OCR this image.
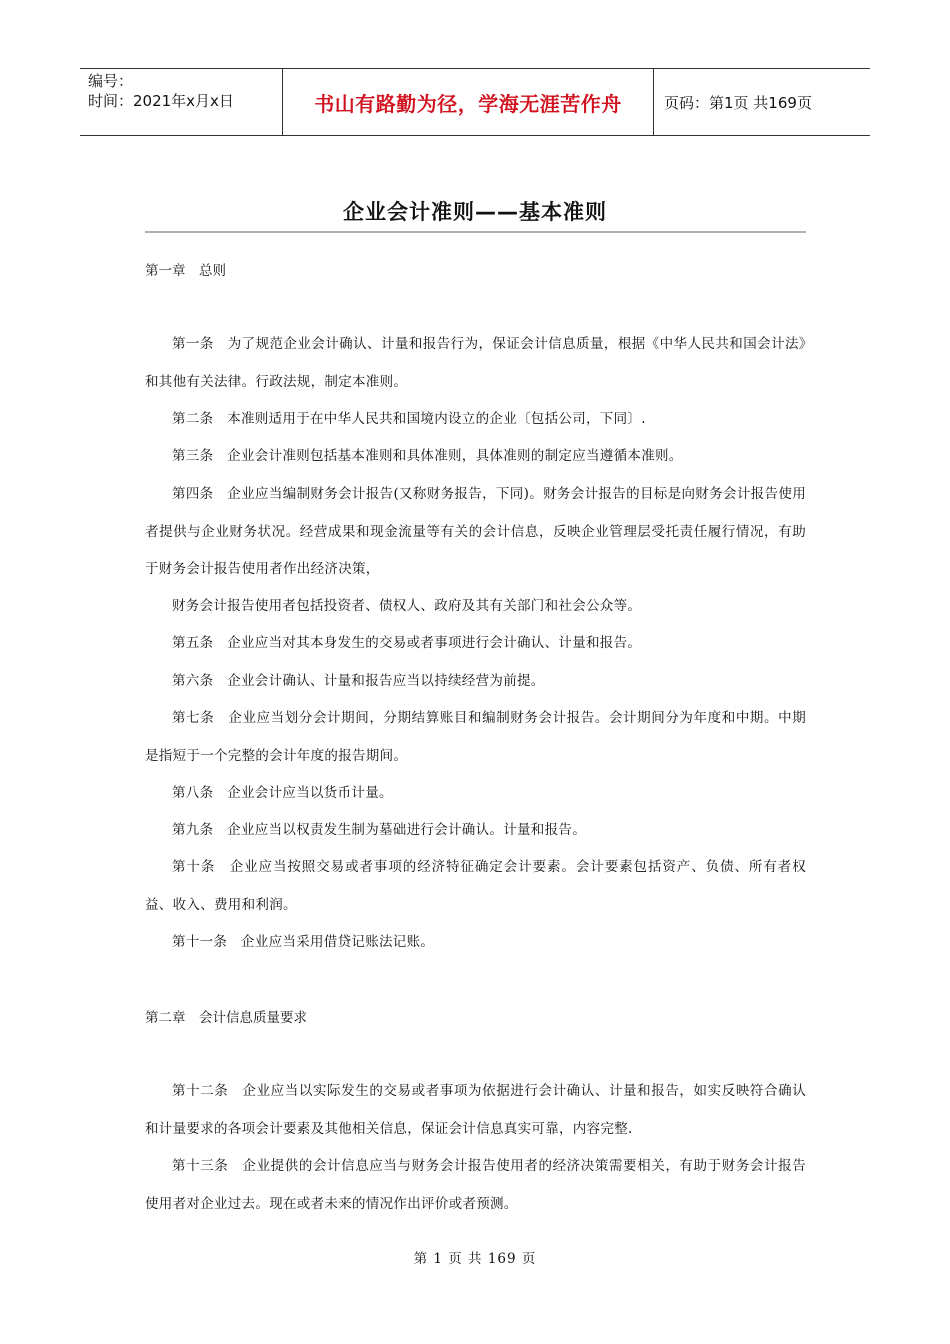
编号：
时间：2021年x月x日	书山有路勤为径，学海无涯苦作舟	页码：第1页 共169页
企业会计准则——基本准则
第一章　总则
第一条　为了规范企业会计确认、计量和报告行为，保证会计信息质量，根据《中华人民共和国会计法》和其他有关法律。行政法规，制定本准则。
第二条　本准则适用于在中华人民共和国境内设立的企业〔包括公司，下同〕.
第三条　企业会计准则包括基本准则和具体准则，具体准则的制定应当遵循本准则。
第四条　企业应当编制财务会计报告(又称财务报告，下同)。财务会计报告的目标是向财务会计报告使用者提供与企业财务状况。经营成果和现金流量等有关的会计信息，反映企业管理层受托责任履行情况，有助于财务会计报告使用者作出经济决策，
财务会计报告使用者包括投资者、债权人、政府及其有关部门和社会公众等。
第五条　企业应当对其本身发生的交易或者事项进行会计确认、计量和报告。
第六条　企业会计确认、计量和报告应当以持续经营为前提。
第七条　企业应当划分会计期间，分期结算账目和编制财务会计报告。会计期间分为年度和中期。中期是指短于一个完整的会计年度的报告期间。
第八条　企业会计应当以货币计量。
第九条　企业应当以权责发生制为墓础进行会计确认。计量和报告。
第十条　企业应当按照交易或者事项的经济特征确定会计要素。会计要素包括资产、负债、所有者权益、收入、费用和利润。
第十一条　企业应当采用借贷记账法记账。
第二章　会计信息质量要求
第十二条　企业应当以实际发生的交易或者事项为依据进行会计确认、计量和报告，如实反映符合确认和计量要求的各项会计要素及其他相关信息，保证会计信息真实可靠，内容完整.
第十三条　企业提供的会计信息应当与财务会计报告使用者的经济决策需要相关，有助于财务会计报告使用者对企业过去。现在或者未来的情况作出评价或者预测。
第 1 页 共 169 页
